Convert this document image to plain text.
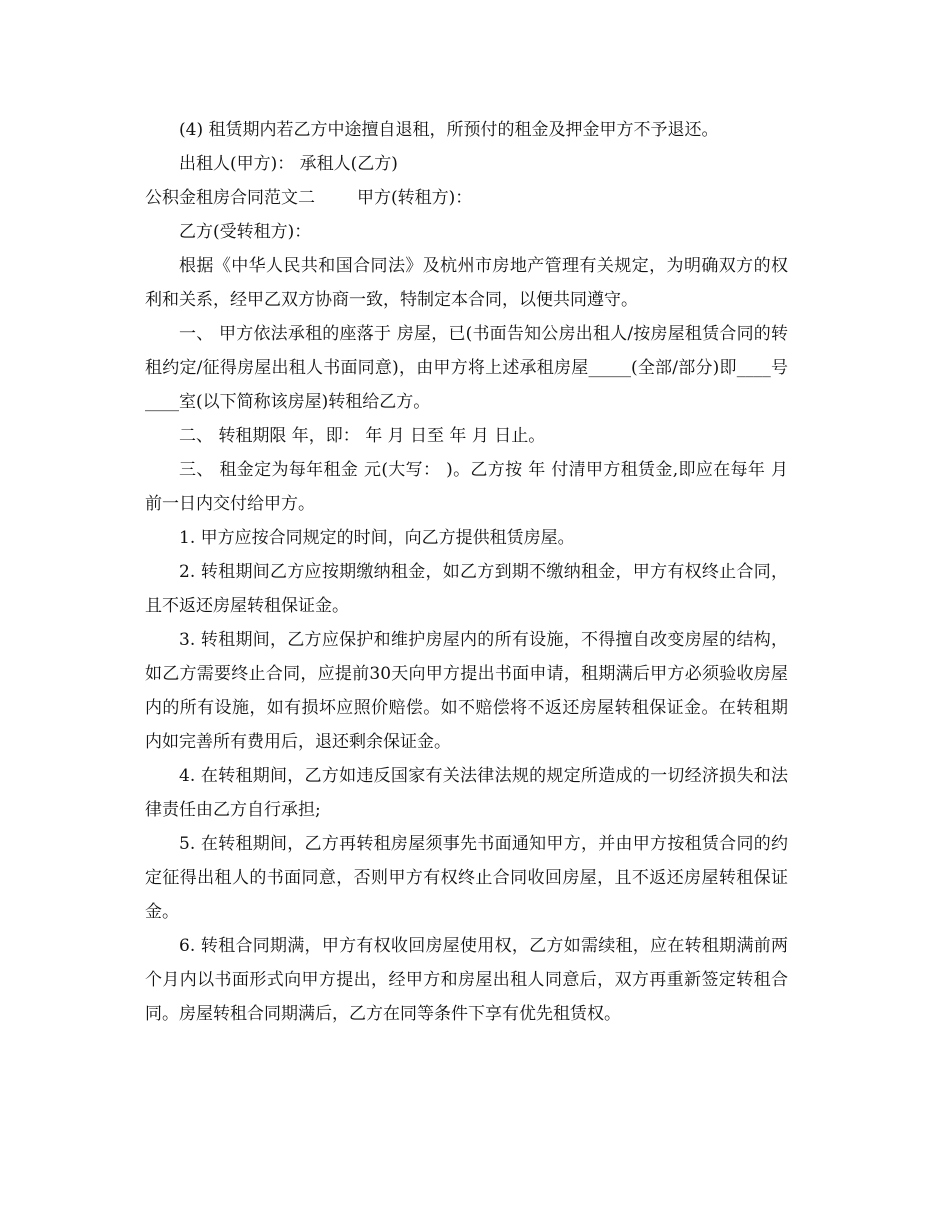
(4) 租赁期内若乙方中途擅自退租，所预付的租金及押金甲方不予退还。

出租人(甲方)： 承租人(乙方)

公积金租房合同范文二 甲方(转租方)：

乙方(受转租方)：

根据《中华人民共和国合同法》及杭州市房地产管理有关规定，为明确双方的权利和关系，经甲乙双方协商一致，特制定本合同，以便共同遵守。

一、 甲方依法承租的座落于 房屋，已(书面告知公房出租人/按房屋租赁合同的转租约定/征得房屋出租人书面同意)，由甲方将上述承租房屋_____(全部/部分)即____号____室(以下简称该房屋)转租给乙方。

二、 转租期限 年，即： 年 月 日至 年 月 日止。

三、 租金定为每年租金 元(大写： )。乙方按 年 付清甲方租赁金,即应在每年 月前一日内交付给甲方。

1. 甲方应按合同规定的时间，向乙方提供租赁房屋。

2. 转租期间乙方应按期缴纳租金，如乙方到期不缴纳租金，甲方有权终止合同，且不返还房屋转租保证金。

3. 转租期间，乙方应保护和维护房屋内的所有设施，不得擅自改变房屋的结构，如乙方需要终止合同，应提前30天向甲方提出书面申请，租期满后甲方必须验收房屋内的所有设施，如有损坏应照价赔偿。如不赔偿将不返还房屋转租保证金。在转租期内如完善所有费用后，退还剩余保证金。

4. 在转租期间，乙方如违反国家有关法律法规的规定所造成的一切经济损失和法律责任由乙方自行承担;

5. 在转租期间，乙方再转租房屋须事先书面通知甲方，并由甲方按租赁合同的约定征得出租人的书面同意，否则甲方有权终止合同收回房屋，且不返还房屋转租保证金。

6. 转租合同期满，甲方有权收回房屋使用权，乙方如需续租，应在转租期满前两个月内以书面形式向甲方提出，经甲方和房屋出租人同意后，双方再重新签定转租合同。房屋转租合同期满后，乙方在同等条件下享有优先租赁权。
